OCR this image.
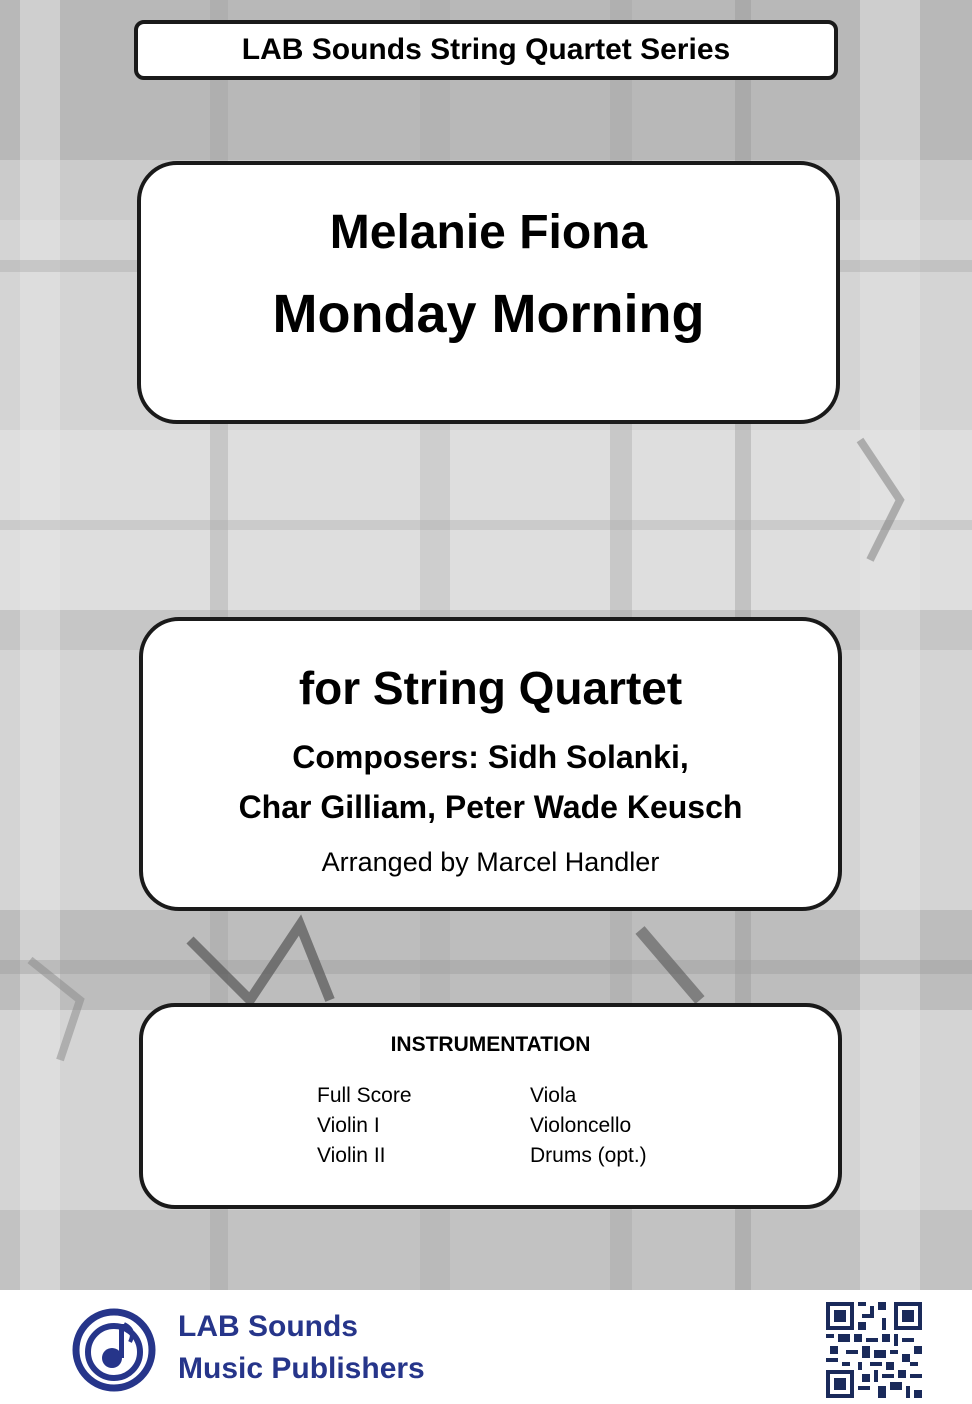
LAB Sounds String Quartet Series
Melanie Fiona
Monday Morning
for String Quartet
Composers: Sidh Solanki,
Char Gilliam, Peter Wade Keusch
Arranged by Marcel Handler
INSTRUMENTATION
Full Score
Violin I
Violin II
Viola
Violoncello
Drums (opt.)
LAB Sounds
Music Publishers
